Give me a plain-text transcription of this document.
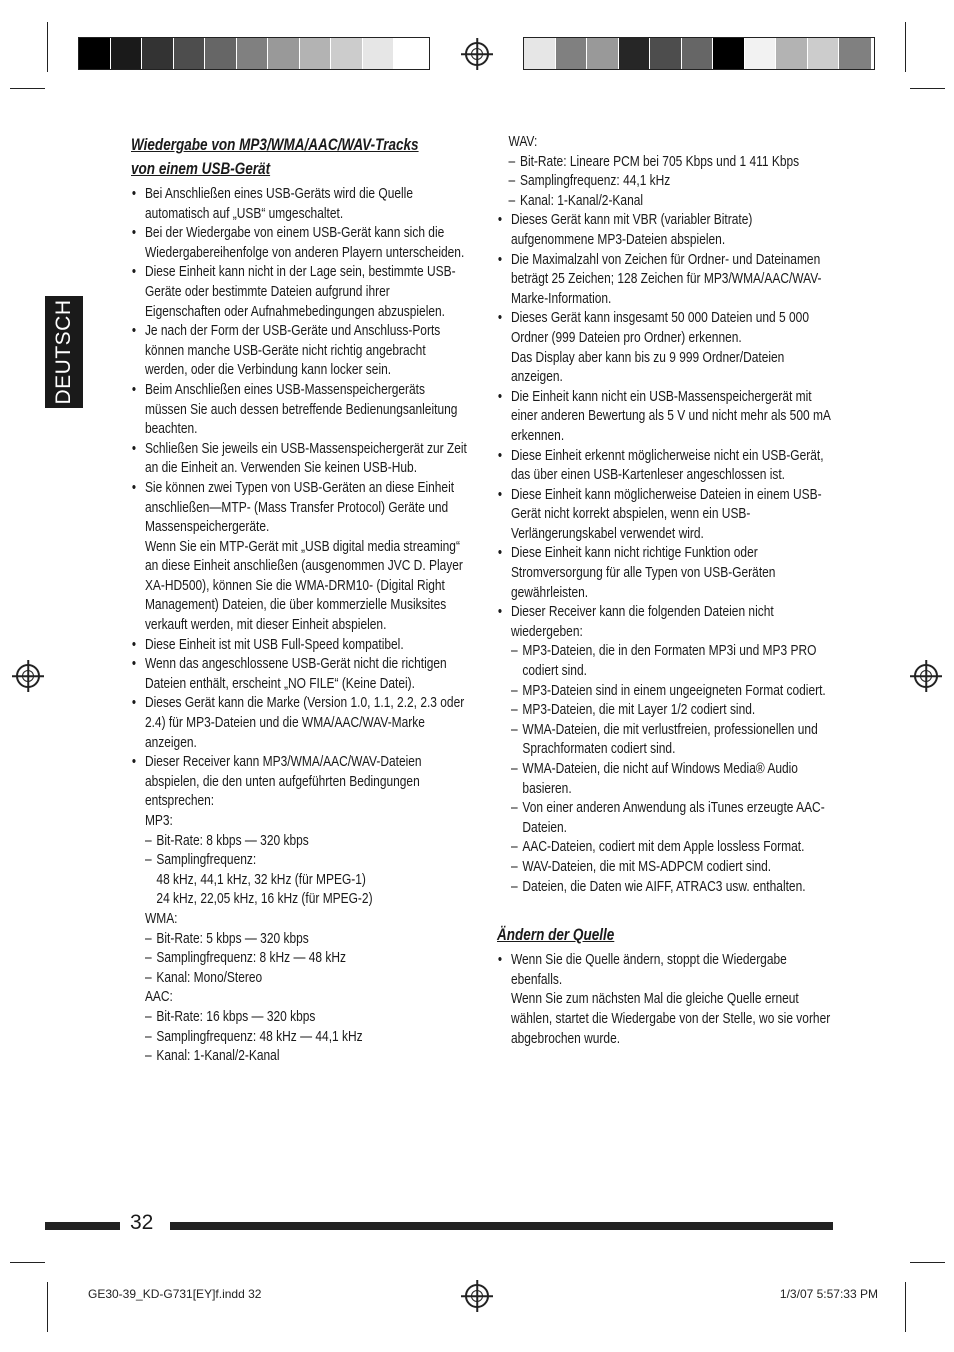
DEUTSCH
Wiedergabe von MP3/WMA/AAC/WAV-Tracks
von einem USB-Gerät
• Bei Anschließen eines USB-Geräts wird die Quelle automatisch auf „USB“ umgeschaltet.
• Bei der Wiedergabe von einem USB-Gerät kann sich die Wiedergabereihenfolge von anderen Playern unterscheiden.
• Diese Einheit kann nicht in der Lage sein, bestimmte USB-Geräte oder bestimmte Dateien aufgrund ihrer Eigenschaften oder Aufnahmebedingungen abzuspielen.
• Je nach der Form der USB-Geräte und Anschluss-Ports können manche USB-Geräte nicht richtig angebracht werden, oder die Verbindung kann locker sein.
• Beim Anschließen eines USB-Massenspeichergeräts müssen Sie auch dessen betreffende Bedienungsanleitung beachten.
• Schließen Sie jeweils ein USB-Massenspeichergerät zur Zeit an die Einheit an. Verwenden Sie keinen USB-Hub.

• Sie können zwei Typen von USB-Geräten an diese Einheit anschließen—MTP- (Mass Transfer Protocol) Geräte und Massenspeichergeräte.

Wenn Sie ein MTP-Gerät mit „USB digital media streaming“ an diese Einheit anschließen (ausgenommen JVC D. Player XA-HD500), können Sie die WMA-DRM10- (Digital Right Management) Dateien, die über kommerzielle Musiksites verkauft werden, mit dieser Einheit abspielen.

• Diese Einheit ist mit USB Full-Speed kompatibel.
• Wenn das angeschlossene USB-Gerät nicht die richtigen Dateien enthält, erscheint „NO FILE“ (Keine Datei).
• Dieses Gerät kann die Marke (Version 1.0, 1.1, 2.2, 2.3 oder 2.4) für MP3-Dateien und die WMA/AAC/WAV-Marke anzeigen.

• Dieser Receiver kann MP3/WMA/AAC/WAV-Dateien abspielen, die den unten aufgeführten Bedingungen entsprechen:

MP3:

– Bit-Rate: 8 kbps — 320 kbps
– Samplingfrequenz:
48 kHz, 44,1 kHz, 32 kHz (für MPEG-1)
24 kHz, 22,05 kHz, 16 kHz (für MPEG-2)

WMA:

– Bit-Rate: 5 kbps — 320 kbps
– Samplingfrequenz: 8 kHz — 48 kHz
– Kanal: Mono/Stereo

AAC:

– Bit-Rate: 16 kbps — 320 kbps
– Samplingfrequenz: 48 kHz — 44,1 kHz
– Kanal: 1-Kanal/2-Kanal

WAV:

– Bit-Rate: Lineare PCM bei 705 Kbps und 1 411 Kbps
– Samplingfrequenz: 44,1 kHz
– Kanal: 1-Kanal/2-Kanal
• Dieses Gerät kann mit VBR (variabler Bitrate) aufgenommene MP3-Dateien abspielen.
• Die Maximalzahl von Zeichen für Ordner- und Dateinamen beträgt 25 Zeichen; 128 Zeichen für MP3/WMA/AAC/WAV-Marke-Information.

• Dieses Gerät kann insgesamt 50 000 Dateien und 5 000 Ordner (999 Dateien pro Ordner) erkennen.

Das Display aber kann bis zu 9 999 Ordner/Dateien anzeigen.

• Die Einheit kann nicht ein USB-Massenspeichergerät mit einer anderen Bewertung als 5 V und nicht mehr als 500 mA erkennen.
• Diese Einheit erkennt möglicherweise nicht ein USB-Gerät, das über einen USB-Kartenleser angeschlossen ist.
• Diese Einheit kann möglicherweise Dateien in einem USB-Gerät nicht korrekt abspielen, wenn ein USB-Verlängerungskabel verwendet wird.
• Diese Einheit kann nicht richtige Funktion oder Stromversorgung für alle Typen von USB-Geräten gewährleisten.

• Dieser Receiver kann die folgenden Dateien nicht wiedergeben:

– MP3-Dateien, die in den Formaten MP3i und MP3 PRO codiert sind.
– MP3-Dateien sind in einem ungeeigneten Format codiert.
– MP3-Dateien, die mit Layer 1/2 codiert sind.
– WMA-Dateien, die mit verlustfreien, professionellen und Sprachformaten codiert sind.
– WMA-Dateien, die nicht auf Windows Media® Audio basieren.
– Von einer anderen Anwendung als iTunes erzeugte AAC-Dateien.
– AAC-Dateien, codiert mit dem Apple lossless Format.
– WAV-Dateien, die mit MS-ADPCM codiert sind.
– Dateien, die Daten wie AIFF, ATRAC3 usw. enthalten.
Ändern der Quelle

• Wenn Sie die Quelle ändern, stoppt die Wiedergabe ebenfalls.

Wenn Sie zum nächsten Mal die gleiche Quelle erneut wählen, startet die Wiedergabe von der Stelle, wo sie vorher abgebrochen wurde.

32
GE30-39_KD-G731[EY]f.indd 32	1/3/07 5:57:33 PM
